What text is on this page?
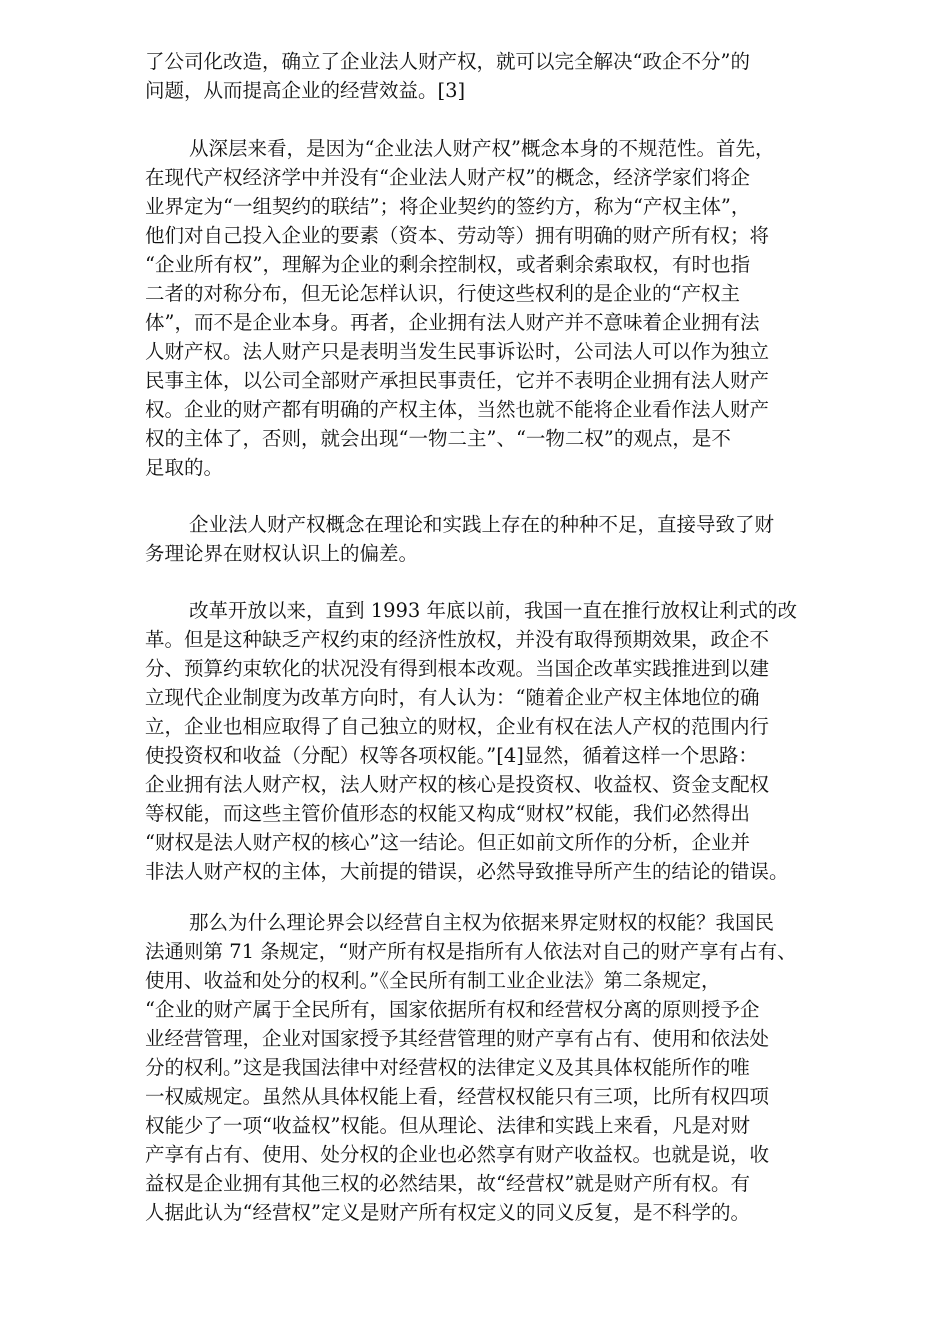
了公司化改造，确立了企业法人财产权，就可以完全解决“政企不分”的
问题，从而提高企业的经营效益。[3]
从深层来看，是因为“企业法人财产权”概念本身的不规范性。首先，
在现代产权经济学中并没有“企业法人财产权”的概念，经济学家们将企
业界定为“一组契约的联结”；将企业契约的签约方，称为“产权主体”，
他们对自己投入企业的要素（资本、劳动等）拥有明确的财产所有权；将
“企业所有权”，理解为企业的剩余控制权，或者剩余索取权，有时也指
二者的对称分布，但无论怎样认识，行使这些权利的是企业的“产权主
体”，而不是企业本身。再者，企业拥有法人财产并不意味着企业拥有法
人财产权。法人财产只是表明当发生民事诉讼时，公司法人可以作为独立
民事主体，以公司全部财产承担民事责任，它并不表明企业拥有法人财产
权。企业的财产都有明确的产权主体，当然也就不能将企业看作法人财产
权的主体了，否则，就会出现“一物二主”、“一物二权”的观点，是不
足取的。
企业法人财产权概念在理论和实践上存在的种种不足，直接导致了财
务理论界在财权认识上的偏差。
改革开放以来，直到 1993 年底以前，我国一直在推行放权让利式的改
革。但是这种缺乏产权约束的经济性放权，并没有取得预期效果，政企不
分、预算约束软化的状况没有得到根本改观。当国企改革实践推进到以建
立现代企业制度为改革方向时，有人认为：“随着企业产权主体地位的确
立，企业也相应取得了自己独立的财权，企业有权在法人产权的范围内行
使投资权和收益（分配）权等各项权能。”[4]显然，循着这样一个思路：
企业拥有法人财产权，法人财产权的核心是投资权、收益权、资金支配权
等权能，而这些主管价值形态的权能又构成“财权”权能，我们必然得出
“财权是法人财产权的核心”这一结论。但正如前文所作的分析，企业并
非法人财产权的主体，大前提的错误，必然导致推导所产生的结论的错误。
那么为什么理论界会以经营自主权为依据来界定财权的权能？我国民
法通则第 71 条规定，“财产所有权是指所有人依法对自己的财产享有占有、
使用、收益和处分的权利。”《全民所有制工业企业法》第二条规定，
“企业的财产属于全民所有，国家依据所有权和经营权分离的原则授予企
业经营管理，企业对国家授予其经营管理的财产享有占有、使用和依法处
分的权利。”这是我国法律中对经营权的法律定义及其具体权能所作的唯
一权威规定。虽然从具体权能上看，经营权权能只有三项，比所有权四项
权能少了一项“收益权”权能。但从理论、法律和实践上来看，凡是对财
产享有占有、使用、处分权的企业也必然享有财产收益权。也就是说，收
益权是企业拥有其他三权的必然结果，故“经营权”就是财产所有权。有
人据此认为“经营权”定义是财产所有权定义的同义反复，是不科学的。
